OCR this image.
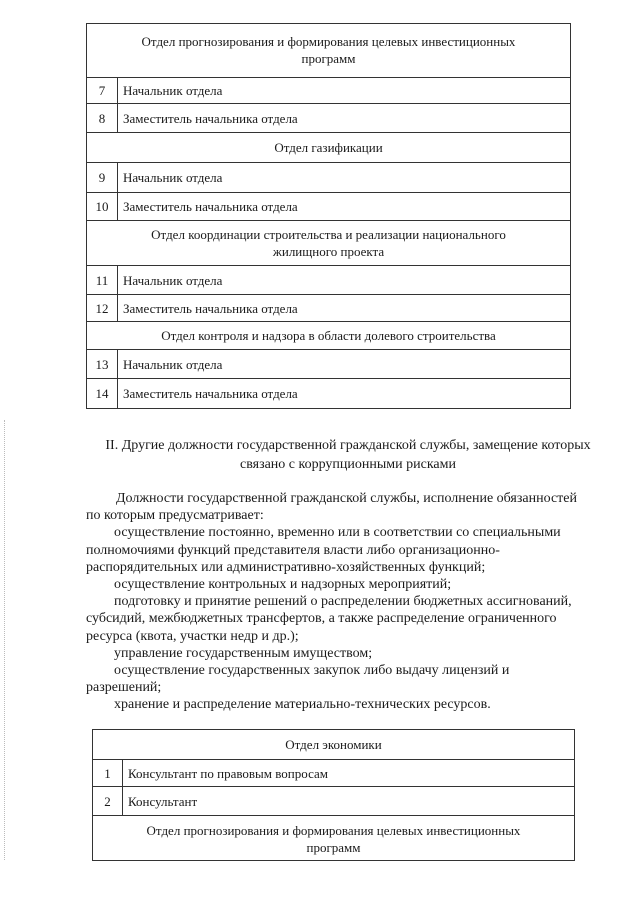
Отдел прогнозирования и формирования целевых инвестиционных
программ
7	Начальник отдела
8	Заместитель начальника отдела
Отдел газификации
9	Начальник отдела
10	Заместитель начальника отдела
Отдел координации строительства и реализации национального
жилищного проекта
11	Начальник отдела
12	Заместитель начальника отдела
Отдел контроля и надзора в области долевого строительства
13	Начальник отдела
14	Заместитель начальника отдела
II. Другие должности государственной гражданской службы, замещение которых
связано с коррупционными рисками
Должности государственной гражданской службы, исполнение обязанностей
по которым предусматривает:
осуществление постоянно, временно или в соответствии со специальными
полномочиями функций представителя власти либо организационно-
распорядительных или административно-хозяйственных функций;
осуществление контрольных и надзорных мероприятий;
подготовку и принятие решений о распределении бюджетных ассигнований,
субсидий, межбюджетных трансфертов, а также распределение ограниченного
ресурса (квота, участки недр и др.);
управление государственным имуществом;
осуществление государственных закупок либо выдачу лицензий и
разрешений;
хранение и распределение материально-технических ресурсов.
Отдел экономики
1	Консультант по правовым вопросам
2	Консультант
Отдел прогнозирования и формирования целевых инвестиционных
программ
